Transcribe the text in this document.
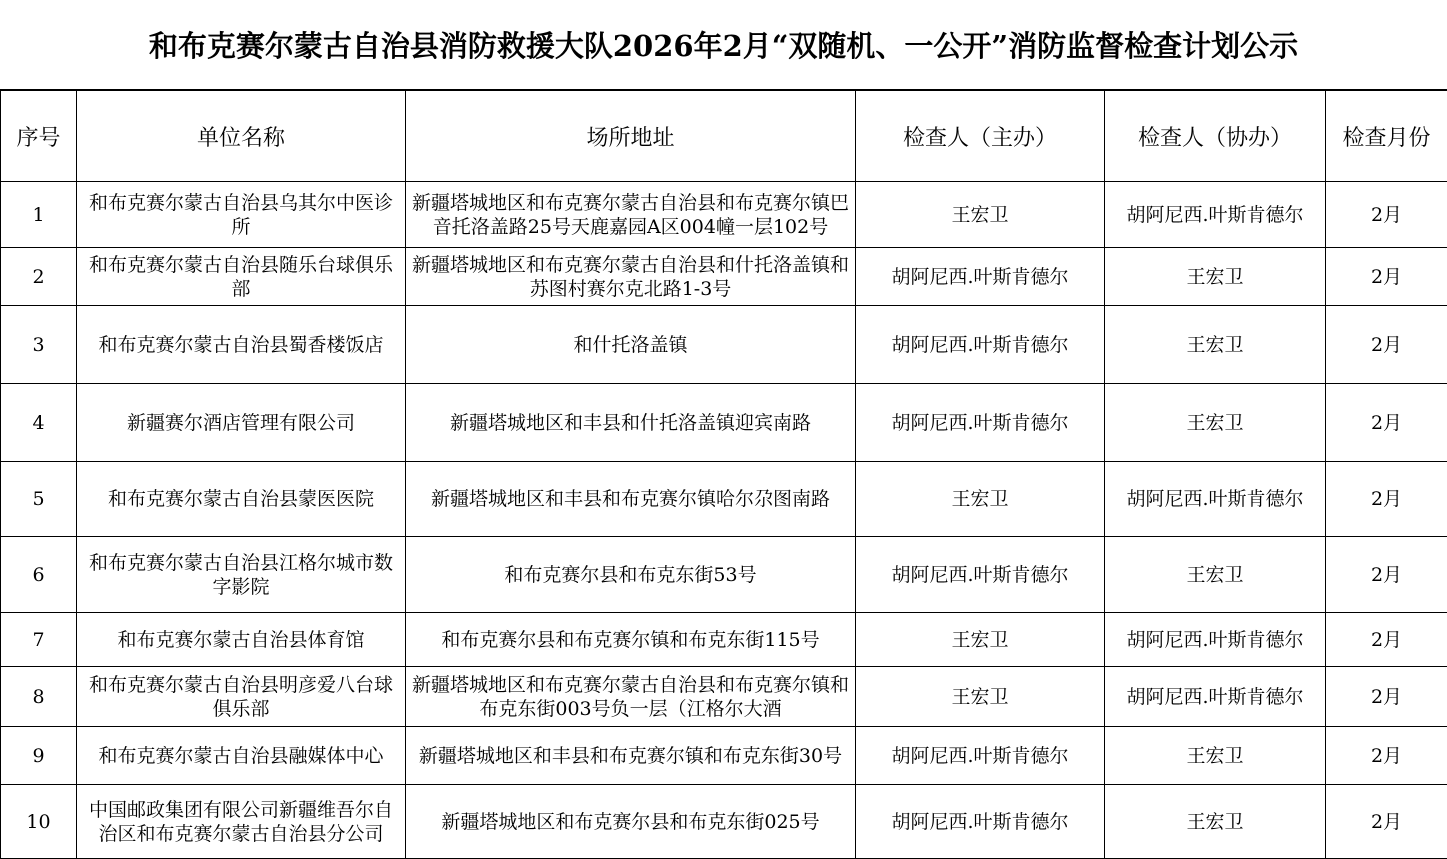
和布克赛尔蒙古自治县消防救援大队2026年2月“双随机、一公开”消防监督检查计划公示
序号	单位名称	场所地址	检查人（主办）	检查人（协办）	检查月份

1	和布克赛尔蒙古自治县乌其尔中医诊所	新疆塔城地区和布克赛尔蒙古自治县和布克赛尔镇巴音托洛盖路25号天鹿嘉园A区004幢一层102号	王宏卫	胡阿尼西.叶斯肯德尔	2月

2	和布克赛尔蒙古自治县随乐台球俱乐部	新疆塔城地区和布克赛尔蒙古自治县和什托洛盖镇和苏图村赛尔克北路1-3号	胡阿尼西.叶斯肯德尔	王宏卫	2月

3	和布克赛尔蒙古自治县蜀香楼饭店	和什托洛盖镇	胡阿尼西.叶斯肯德尔	王宏卫	2月

4	新疆赛尔酒店管理有限公司	新疆塔城地区和丰县和什托洛盖镇迎宾南路	胡阿尼西.叶斯肯德尔	王宏卫	2月

5	和布克赛尔蒙古自治县蒙医医院	新疆塔城地区和丰县和布克赛尔镇哈尔尕图南路	王宏卫	胡阿尼西.叶斯肯德尔	2月

6	和布克赛尔蒙古自治县江格尔城市数字影院	和布克赛尔县和布克东街53号	胡阿尼西.叶斯肯德尔	王宏卫	2月

7	和布克赛尔蒙古自治县体育馆	和布克赛尔县和布克赛尔镇和布克东街115号	王宏卫	胡阿尼西.叶斯肯德尔	2月

8	和布克赛尔蒙古自治县明彦爱八台球俱乐部	新疆塔城地区和布克赛尔蒙古自治县和布克赛尔镇和布克东街003号负一层（江格尔大酒	王宏卫	胡阿尼西.叶斯肯德尔	2月

9	和布克赛尔蒙古自治县融媒体中心	新疆塔城地区和丰县和布克赛尔镇和布克东街30号	胡阿尼西.叶斯肯德尔	王宏卫	2月

10	中国邮政集团有限公司新疆维吾尔自治区和布克赛尔蒙古自治县分公司	新疆塔城地区和布克赛尔县和布克东街025号	胡阿尼西.叶斯肯德尔	王宏卫	2月
